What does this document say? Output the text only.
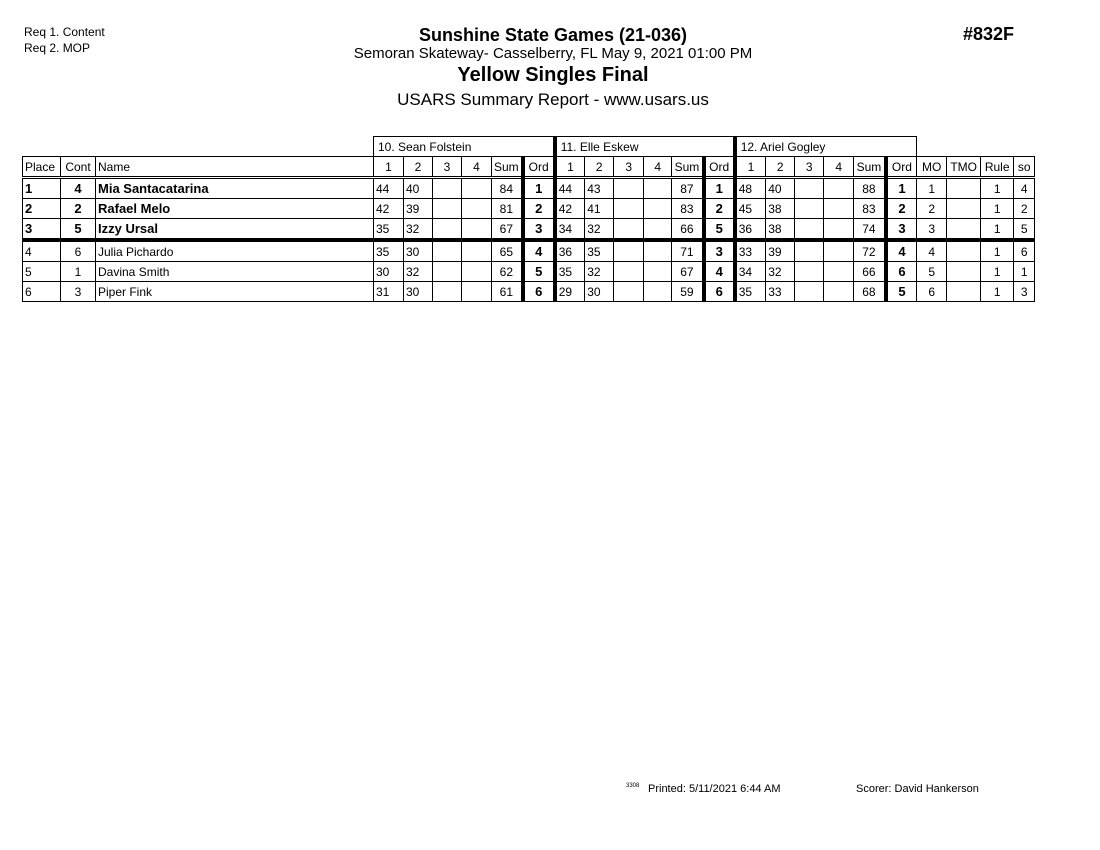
Req 1. Content
Req 2. MOP
Sunshine State Games (21-036)
Semoran Skateway- Casselberry, FL May 9, 2021 01:00 PM
Yellow Singles Final
USARS Summary Report - www.usars.us
#832F
			10. Sean Folstein						11. Elle Eskew						12. Ariel Gogley									
Place	Cont	Name	1	2	3	4	Sum	Ord	1	2	3	4	Sum	Ord	1	2	3	4	Sum	Ord	MO	TMO	Rule	so
1	4	Mia Santacatarina	44	40			84	1	44	43			87	1	48	40			88	1	1		1	4
2	2	Rafael Melo	42	39			81	2	42	41			83	2	45	38			83	2	2		1	2
3	5	Izzy Ursal	35	32			67	3	34	32			66	5	36	38			74	3	3		1	5
4	6	Julia Pichardo	35	30			65	4	36	35			71	3	33	39			72	4	4		1	6
5	1	Davina Smith	30	32			62	5	35	32			67	4	34	32			66	6	5		1	1
6	3	Piper Fink	31	30			61	6	29	30			59	6	35	33			68	5	6		1	3
3308 Printed: 5/11/2021 6:44 AM	Scorer: David Hankerson
